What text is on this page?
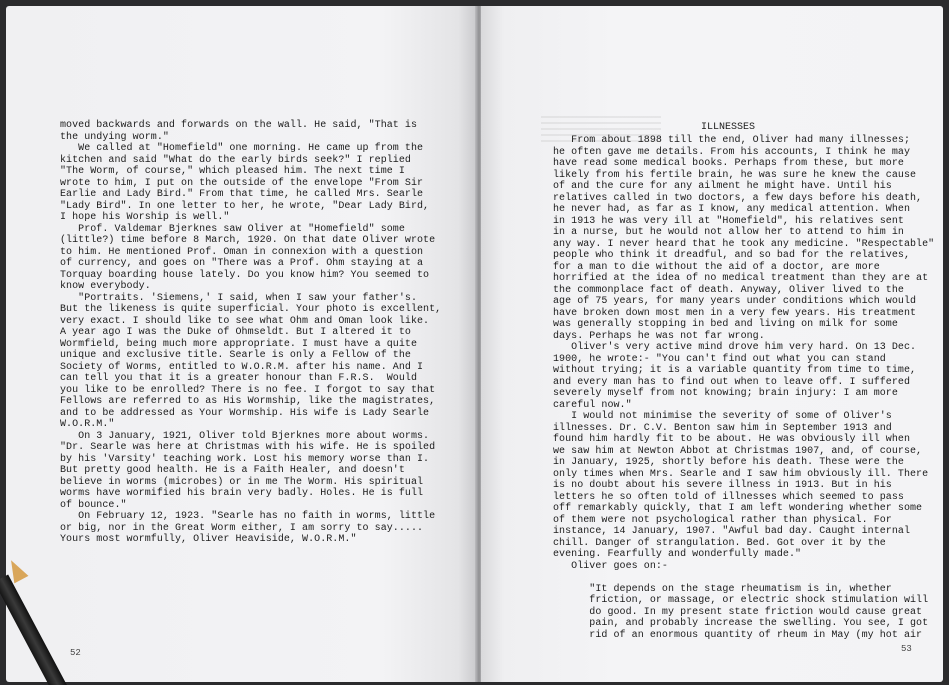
moved backwards and forwards on the wall. He said, "That is
the undying worm."
We called at "Homefield" one morning. He came up from the
kitchen and said "What do the early birds seek?" I replied
"The Worm, of course," which pleased him. The next time I
wrote to him, I put on the outside of the envelope "From Sir
Earlie and Lady Bird." From that time, he called Mrs. Searle
"Lady Bird". In one letter to her, he wrote, "Dear Lady Bird,
I hope his Worship is well."
Prof. Valdemar Bjerknes saw Oliver at "Homefield" some
(little?) time before 8 March, 1920. On that date Oliver wrote
to him. He mentioned Prof. Oman in connexion with a question
of currency, and goes on "There was a Prof. Ohm staying at a
Torquay boarding house lately. Do you know him? You seemed to
know everybody.
"Portraits. 'Siemens,' I said, when I saw your father's.
But the likeness is quite superficial. Your photo is excellent,
very exact. I should like to see what Ohm and Oman look like.
A year ago I was the Duke of Ohmseldt. But I altered it to
Wormfield, being much more appropriate. I must have a quite
unique and exclusive title. Searle is only a Fellow of the
Society of Worms, entitled to W.O.R.M. after his name. And I
can tell you that it is a greater honour than F.R.S.  Would
you like to be enrolled? There is no fee. I forgot to say that
Fellows are referred to as His Wormship, like the magistrates,
and to be addressed as Your Wormship. His wife is Lady Searle
W.O.R.M."
On 3 January, 1921, Oliver told Bjerknes more about worms.
"Dr. Searle was here at Christmas with his wife. He is spoiled
by his 'Varsity' teaching work. Lost his memory worse than I.
But pretty good health. He is a Faith Healer, and doesn't
believe in worms (microbes) or in me The Worm. His spiritual
worms have wormified his brain very badly. Holes. He is full
of bounce."
On February 12, 1923. "Searle has no faith in worms, little
or big, nor in the Great Worm either, I am sorry to say.....
Yours most wormfully, Oliver Heaviside, W.O.R.M."
52
ILLNESSES
From about 1898 till the end, Oliver had many illnesses;
he often gave me details. From his accounts, I think he may
have read some medical books. Perhaps from these, but more
likely from his fertile brain, he was sure he knew the cause
of and the cure for any ailment he might have. Until his
relatives called in two doctors, a few days before his death,
he never had, as far as I know, any medical attention. When
in 1913 he was very ill at "Homefield", his relatives sent
in a nurse, but he would not allow her to attend to him in
any way. I never heard that he took any medicine. "Respectable"
people who think it dreadful, and so bad for the relatives,
for a man to die without the aid of a doctor, are more
horrified at the idea of no medical treatment than they are at
the commonplace fact of death. Anyway, Oliver lived to the
age of 75 years, for many years under conditions which would
have broken down most men in a very few years. His treatment
was generally stopping in bed and living on milk for some
days. Perhaps he was not far wrong.
Oliver's very active mind drove him very hard. On 13 Dec.
1900, he wrote:- "You can't find out what you can stand
without trying; it is a variable quantity from time to time,
and every man has to find out when to leave off. I suffered
severely myself from not knowing; brain injury: I am more
careful now."
I would not minimise the severity of some of Oliver's
illnesses. Dr. C.V. Benton saw him in September 1913 and
found him hardly fit to be about. He was obviously ill when
we saw him at Newton Abbot at Christmas 1907, and, of course,
in January, 1925, shortly before his death. These were the
only times when Mrs. Searle and I saw him obviously ill. There
is no doubt about his severe illness in 1913. But in his
letters he so often told of illnesses which seemed to pass
off remarkably quickly, that I am left wondering whether some
of them were not psychological rather than physical. For
instance, 14 January, 1907. "Awful bad day. Caught internal
chill. Danger of strangulation. Bed. Got over it by the
evening. Fearfully and wonderfully made."
Oliver goes on:-

"It depends on the stage rheumatism is in, whether
friction, or massage, or electric shock stimulation will
do good. In my present state friction would cause great
pain, and probably increase the swelling. You see, I got
rid of an enormous quantity of rheum in May (my hot air
53
